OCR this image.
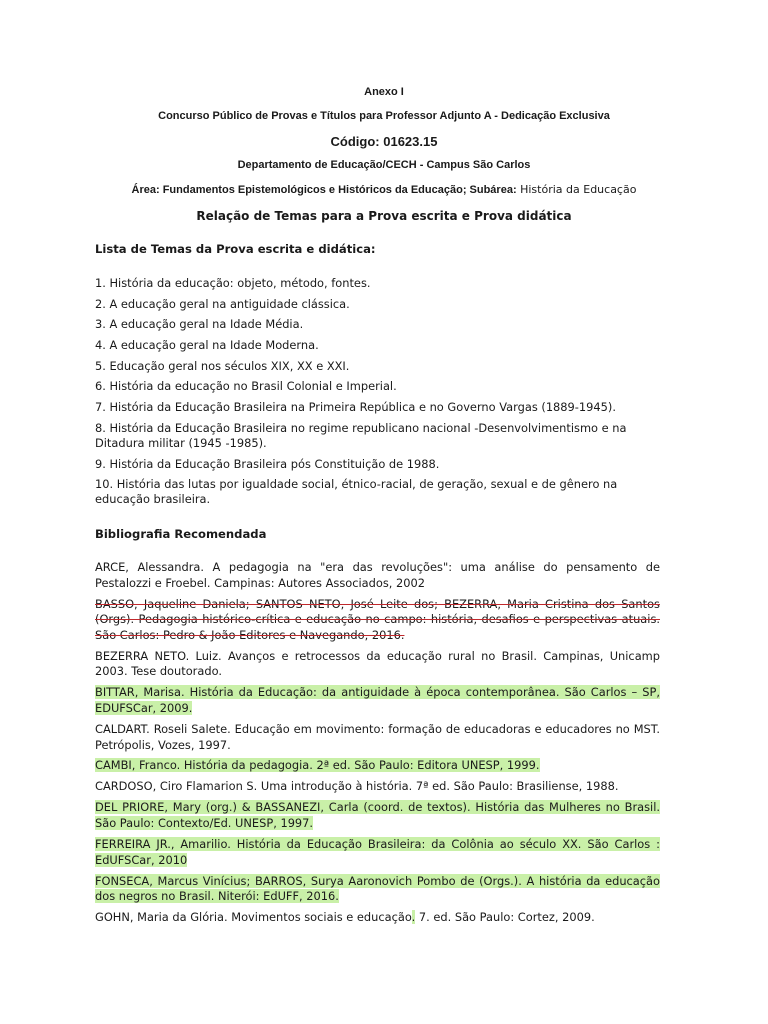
Anexo I
Concurso Público de Provas e Títulos para Professor Adjunto A - Dedicação Exclusiva
Código: 01623.15
Departamento de Educação/CECH - Campus São Carlos
Área: Fundamentos Epistemológicos e Históricos da Educação; Subárea: História da Educação
Relação de Temas para a Prova escrita e Prova didática
Lista de Temas da Prova escrita e didática:
1. História da educação: objeto, método, fontes.
2. A educação geral na antiguidade clássica.
3. A educação geral na Idade Média.
4. A educação geral na Idade Moderna.
5. Educação geral nos séculos XIX, XX e XXI.
6. História da educação no Brasil Colonial e Imperial.
7. História da Educação Brasileira na Primeira República e no Governo Vargas (1889-1945).
8. História da Educação Brasileira no regime republicano nacional -Desenvolvimentismo e na Ditadura militar (1945 -1985).
9. História da Educação Brasileira pós Constituição de 1988.
10. História das lutas por igualdade social, étnico-racial, de geração, sexual e de gênero na educação brasileira.
Bibliografia Recomendada
ARCE, Alessandra. A pedagogia na "era das revoluções": uma análise do pensamento de Pestalozzi e Froebel. Campinas: Autores Associados, 2002
BASSO, Jaqueline Daniela; SANTOS NETO, José Leite dos; BEZERRA, Maria Cristina dos Santos (Orgs). Pedagogia histórico-crítica e educação no campo: história, desafios e perspectivas atuais. São Carlos: Pedro & João Editores e Navegando, 2016.
BEZERRA NETO. Luiz. Avanços e retrocessos da educação rural no Brasil. Campinas, Unicamp 2003. Tese doutorado.
BITTAR, Marisa. História da Educação: da antiguidade à época contemporânea. São Carlos – SP, EDUFSCar, 2009.
CALDART. Roseli Salete. Educação em movimento: formação de educadoras e educadores no MST. Petrópolis, Vozes, 1997.
CAMBI, Franco. História da pedagogia. 2ª ed. São Paulo: Editora UNESP, 1999.
CARDOSO, Ciro Flamarion S. Uma introdução à história. 7ª ed. São Paulo: Brasiliense, 1988.
DEL PRIORE, Mary (org.) & BASSANEZI, Carla (coord. de textos). História das Mulheres no Brasil. São Paulo: Contexto/Ed. UNESP, 1997.
FERREIRA JR., Amarilio. História da Educação Brasileira: da Colônia ao século XX. São Carlos : EdUFSCar, 2010
FONSECA, Marcus Vinícius; BARROS, Surya Aaronovich Pombo de (Orgs.). A história da educação dos negros no Brasil. Niterói: EdUFF, 2016.
GOHN, Maria da Glória. Movimentos sociais e educação. 7. ed. São Paulo: Cortez, 2009.
